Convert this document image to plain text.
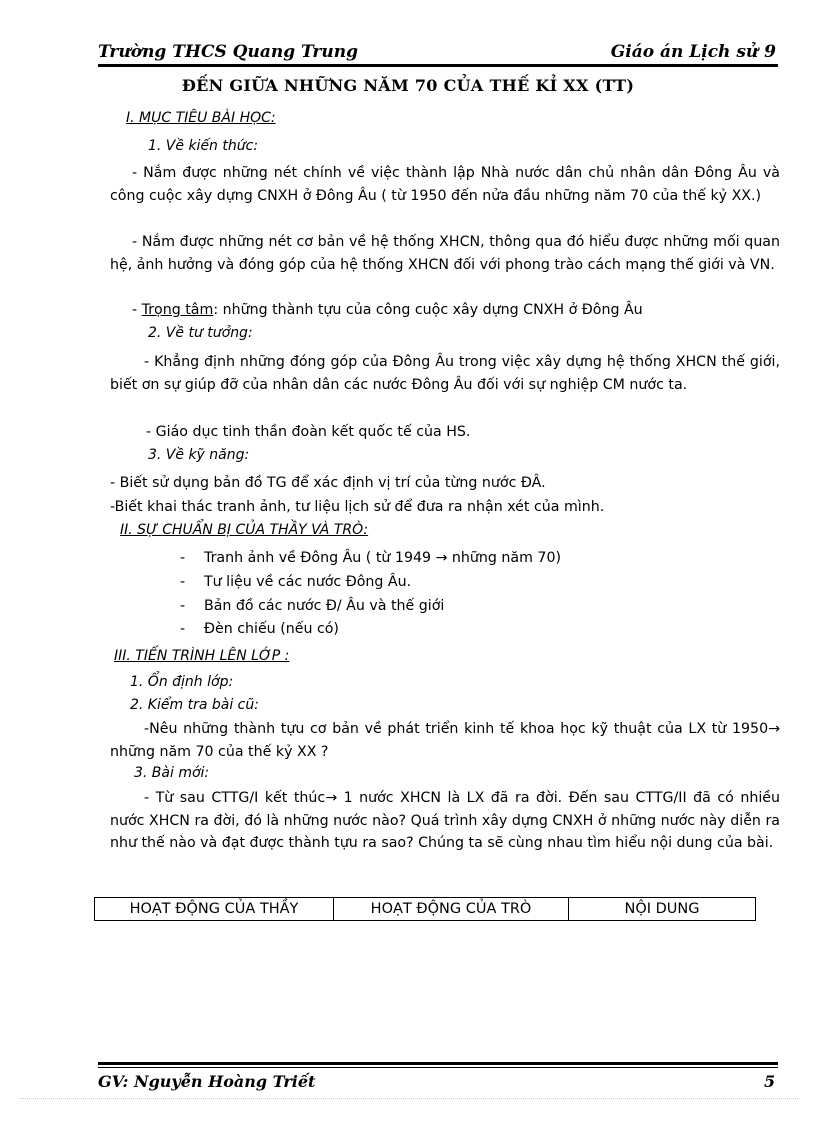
Trường THCS Quang Trung	Giáo án Lịch sử 9
ĐẾN GIỮA NHỮNG NĂM 70 CỦA THẾ KỈ XX (TT)
I. MỤC TIÊU BÀI HỌC:
1. Về kiến thức:
- Nắm được những nét chính về việc thành lập Nhà nước dân chủ nhân dân Đông Âu và công cuộc xây dựng CNXH ở Đông Âu ( từ 1950 đến nửa đầu những năm 70 của thế kỷ XX.)
- Nắm được những nét cơ bản về hệ thống XHCN, thông qua đó hiểu được những mối quan hệ, ảnh hưởng và đóng góp của hệ thống XHCN đối với phong trào cách mạng thế giới và VN.
- Trọng tâm: những thành tựu của công cuộc xây dựng CNXH ở Đông Âu
2. Về tư tưởng:
- Khẳng định những đóng góp của Đông Âu trong việc xây dựng hệ thống XHCN thế giới, biết ơn sự giúp đỡ của nhân dân các nước Đông Âu đối với sự nghiệp CM nước ta.
- Giáo dục tinh thần đoàn kết quốc tế của HS.
3. Về kỹ năng:
- Biết sử dụng bản đồ TG để xác định vị trí của từng nước ĐÂ.
-Biết khai thác tranh ảnh, tư liệu lịch sử để đưa ra nhận xét của mình.
II. SỰ CHUẨN BỊ CỦA THẦY VÀ TRÒ:
- Tranh ảnh về Đông Âu ( từ 1949 → những năm 70)
- Tư liệu về các nước Đông Âu.
- Bản đồ các nước Đ/ Âu và thế giới
- Đèn chiếu (nếu có)
III. TIẾN TRÌNH LÊN LỚP :
1. Ổn định lớp:
2. Kiểm tra bài cũ:
-Nêu những thành tựu cơ bản về phát triển kinh tế khoa học kỹ thuật của LX từ 1950→ những năm 70 của thế kỷ XX ?
3. Bài mới:
- Từ sau CTTG/I kết thúc→ 1 nước XHCN là LX đã ra đời. Đến sau CTTG/II đã có nhiều nước XHCN ra đời, đó là những nước nào? Quá trình xây dựng CNXH ở những nước này diễn ra như thế nào và đạt được thành tựu ra sao? Chúng ta sẽ cùng nhau tìm hiểu nội dung của bài.
HOẠT ĐỘNG CỦA THẦY	HOẠT ĐỘNG CỦA TRÒ	NỘI DUNG
GV: Nguyễn Hoàng Triết	5
